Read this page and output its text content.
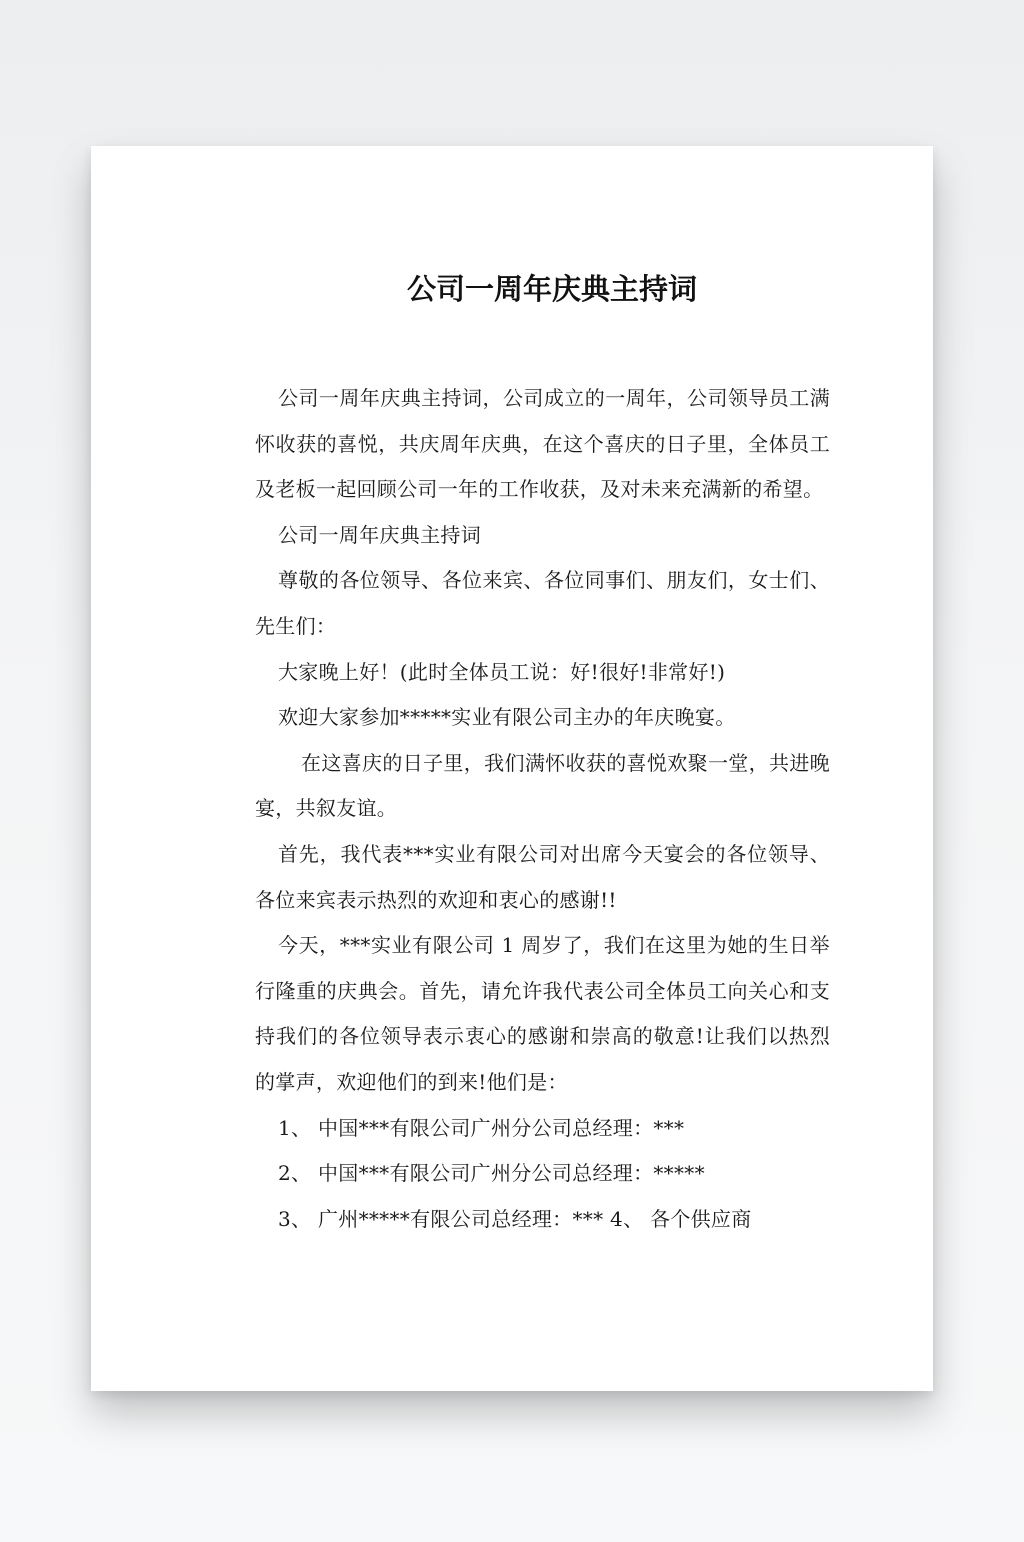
公司一周年庆典主持词

公司一周年庆典主持词，公司成立的一周年，公司领导员工满怀收获的喜悦，共庆周年庆典，在这个喜庆的日子里，全体员工及老板一起回顾公司一年的工作收获，及对未来充满新的希望。

公司一周年庆典主持词

尊敬的各位领导、各位来宾、各位同事们、朋友们，女士们、先生们：

大家晚上好！(此时全体员工说：好!很好!非常好!)

欢迎大家参加*****实业有限公司主办的年庆晚宴。

在这喜庆的日子里，我们满怀收获的喜悦欢聚一堂，共进晚宴，共叙友谊。

首先，我代表***实业有限公司对出席今天宴会的各位领导、各位来宾表示热烈的欢迎和衷心的感谢!!

今天，***实业有限公司 1 周岁了，我们在这里为她的生日举行隆重的庆典会。首先，请允许我代表公司全体员工向关心和支持我们的各位领导表示衷心的感谢和崇高的敬意!让我们以热烈的掌声，欢迎他们的到来!他们是：

1、 中国***有限公司广州分公司总经理：***

2、 中国***有限公司广州分公司总经理：*****

3、 广州*****有限公司总经理：*** 4、 各个供应商
